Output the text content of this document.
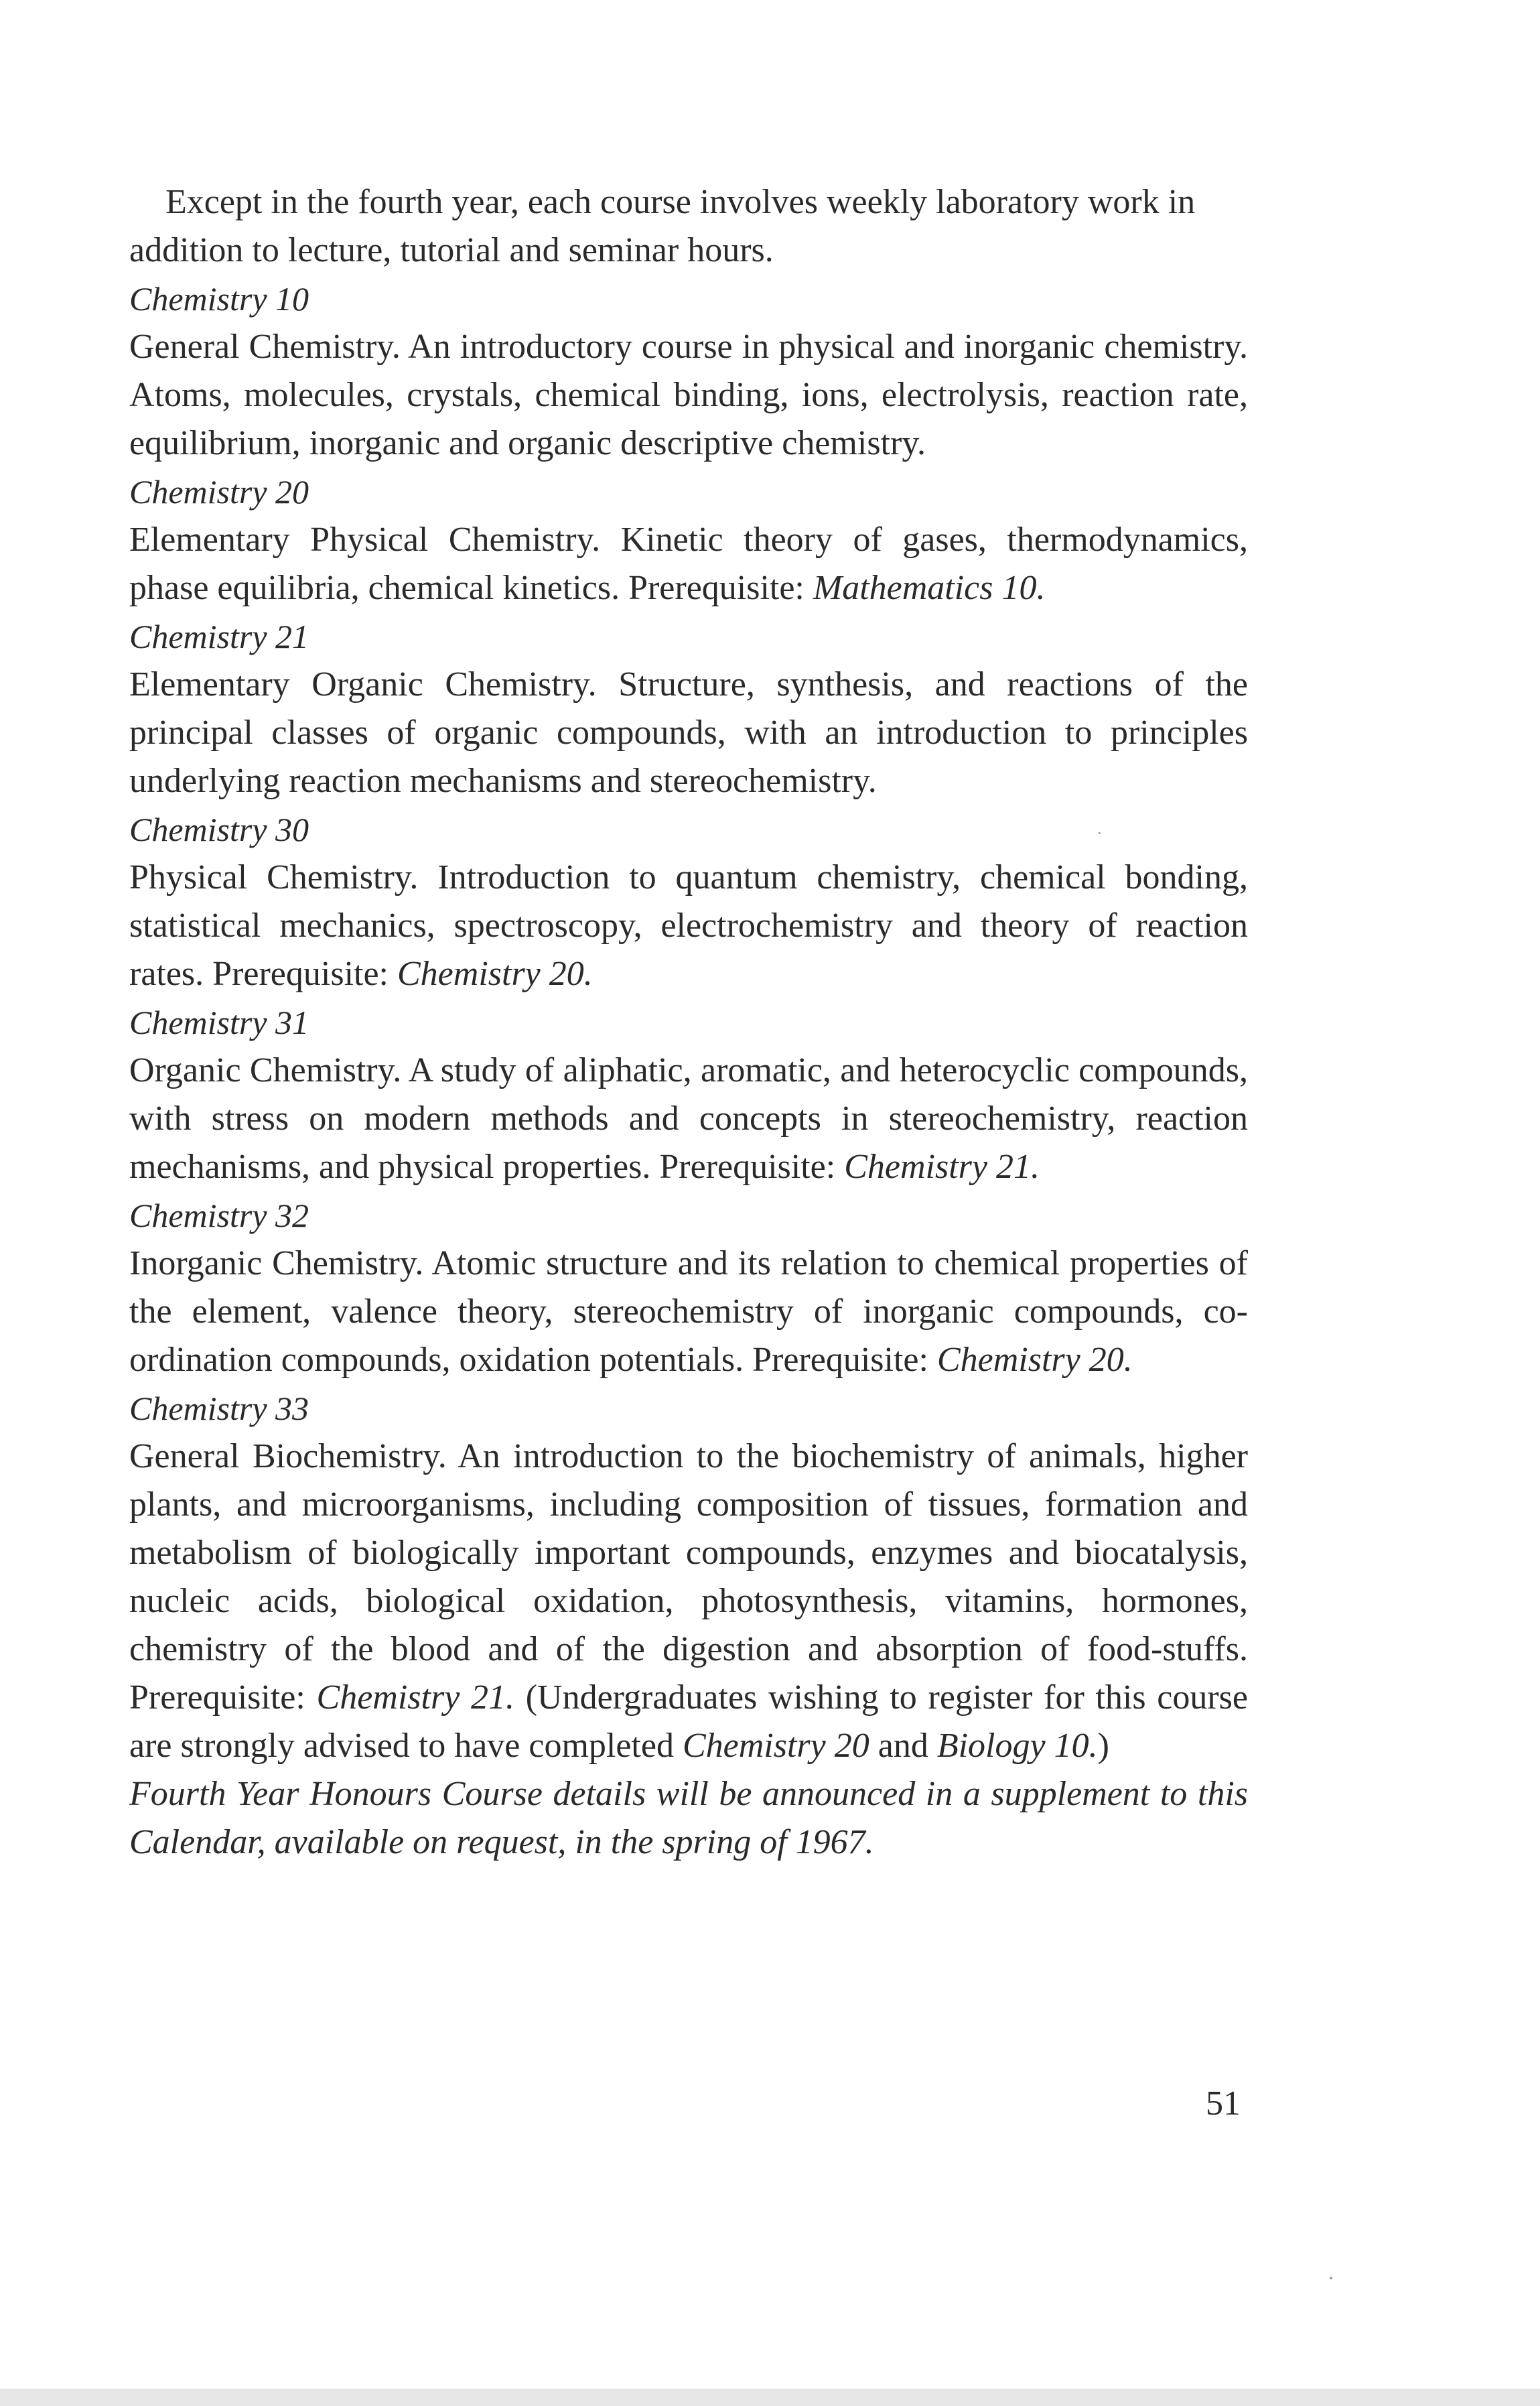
Except in the fourth year, each course involves weekly laboratory work in addition to lecture, tutorial and seminar hours.

Chemistry 10

General Chemistry. An introductory course in physical and inorganic chemistry. Atoms, molecules, crystals, chemical binding, ions, electrolysis, reaction rate, equilibrium, inorganic and organic descriptive chemistry.

Chemistry 20

Elementary Physical Chemistry. Kinetic theory of gases, thermodynamics, phase equilibria, chemical kinetics. Prerequisite: Mathematics 10.

Chemistry 21

Elementary Organic Chemistry. Structure, synthesis, and reactions of the principal classes of organic compounds, with an introduction to principles underlying reaction mechanisms and stereochemistry.

Chemistry 30

Physical Chemistry. Introduction to quantum chemistry, chemical bonding, statistical mechanics, spectroscopy, electrochemistry and theory of reaction rates. Prerequisite: Chemistry 20.

Chemistry 31

Organic Chemistry. A study of aliphatic, aromatic, and heterocyclic compounds, with stress on modern methods and concepts in stereochemistry, reaction mechanisms, and physical properties. Prerequisite: Chemistry 21.

Chemistry 32

Inorganic Chemistry. Atomic structure and its relation to chemical properties of the element, valence theory, stereochemistry of inorganic compounds, co-ordination compounds, oxidation potentials. Prerequisite: Chemistry 20.

Chemistry 33

General Biochemistry. An introduction to the biochemistry of animals, higher plants, and microorganisms, including composition of tissues, formation and metabolism of biologically important compounds, enzymes and biocatalysis, nucleic acids, biological oxidation, photosynthesis, vitamins, hormones, chemistry of the blood and of the digestion and absorption of food-stuffs. Prerequisite: Chemistry 21. (Undergraduates wishing to register for this course are strongly advised to have completed Chemistry 20 and Biology 10.)

Fourth Year Honours Course details will be announced in a supplement to this Calendar, available on request, in the spring of 1967.

51
